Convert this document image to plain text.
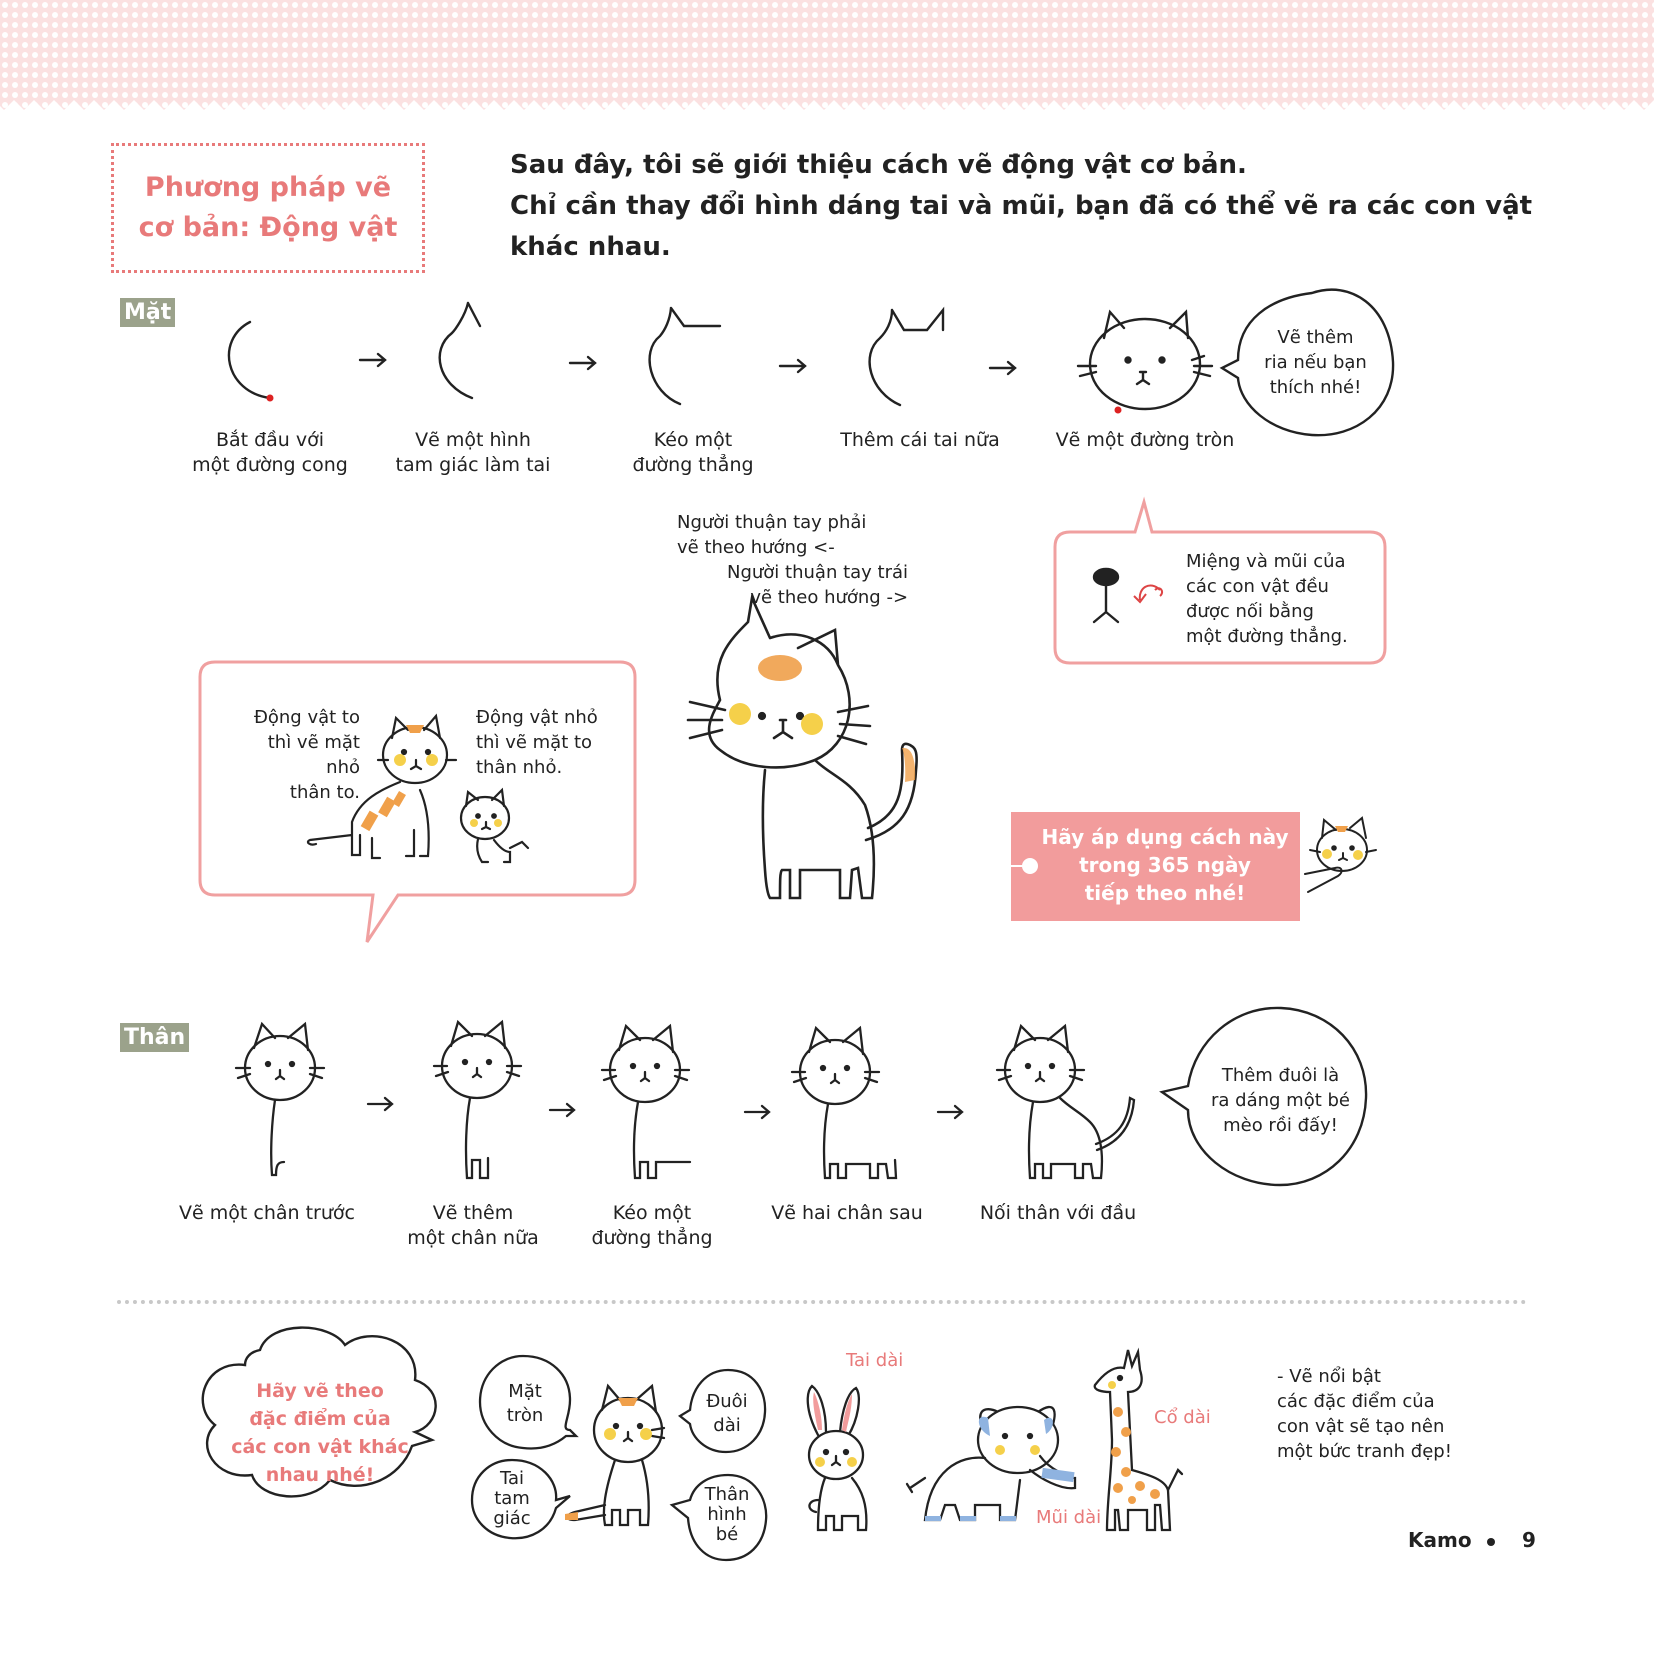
Phương pháp vẽ
cơ bản: Động vật
Sau đây, tôi sẽ giới thiệu cách vẽ động vật cơ bản.
Chỉ cần thay đổi hình dáng tai và mũi, bạn đã có thể vẽ ra các con vật
khác nhau.
Mặt
Vẽ thêm
ria nếu bạn
thích nhé!
Bắt đầu với
một đường cong
Vẽ một hình
tam giác làm tai
Kéo một
đường thẳng
Thêm cái tai nữa	Vẽ một đường tròn
Người thuận tay phải
vẽ theo hướng <-
Người thuận tay trái
vẽ theo hướng ->
Miệng và mũi của
các con vật đều
được nối bằng
một đường thẳng.
Động vật to
thì vẽ mặt nhỏ
thân to.
Động vật nhỏ
thì vẽ mặt to
thân nhỏ.
Hãy áp dụng cách này
trong 365 ngày
tiếp theo nhé!
Thân
Thêm đuôi là
ra dáng một bé
mèo rồi đấy!
Vẽ một chân trước	Vẽ thêm
một chân nữa
Kéo một
đường thẳng
Vẽ hai chân sau	Nối thân với đầu
Hãy vẽ theo
đặc điểm của
các con vật khác
nhau nhé!
Mặt
tròn
Tai
tam
giác
Đuôi
dài
Thân
hình
bé
Tai dài
Mũi dài
Cổ dài
- Vẽ nổi bật
các đặc điểm của
con vật sẽ tạo nên
một bức tranh đẹp!
Kamo	9
